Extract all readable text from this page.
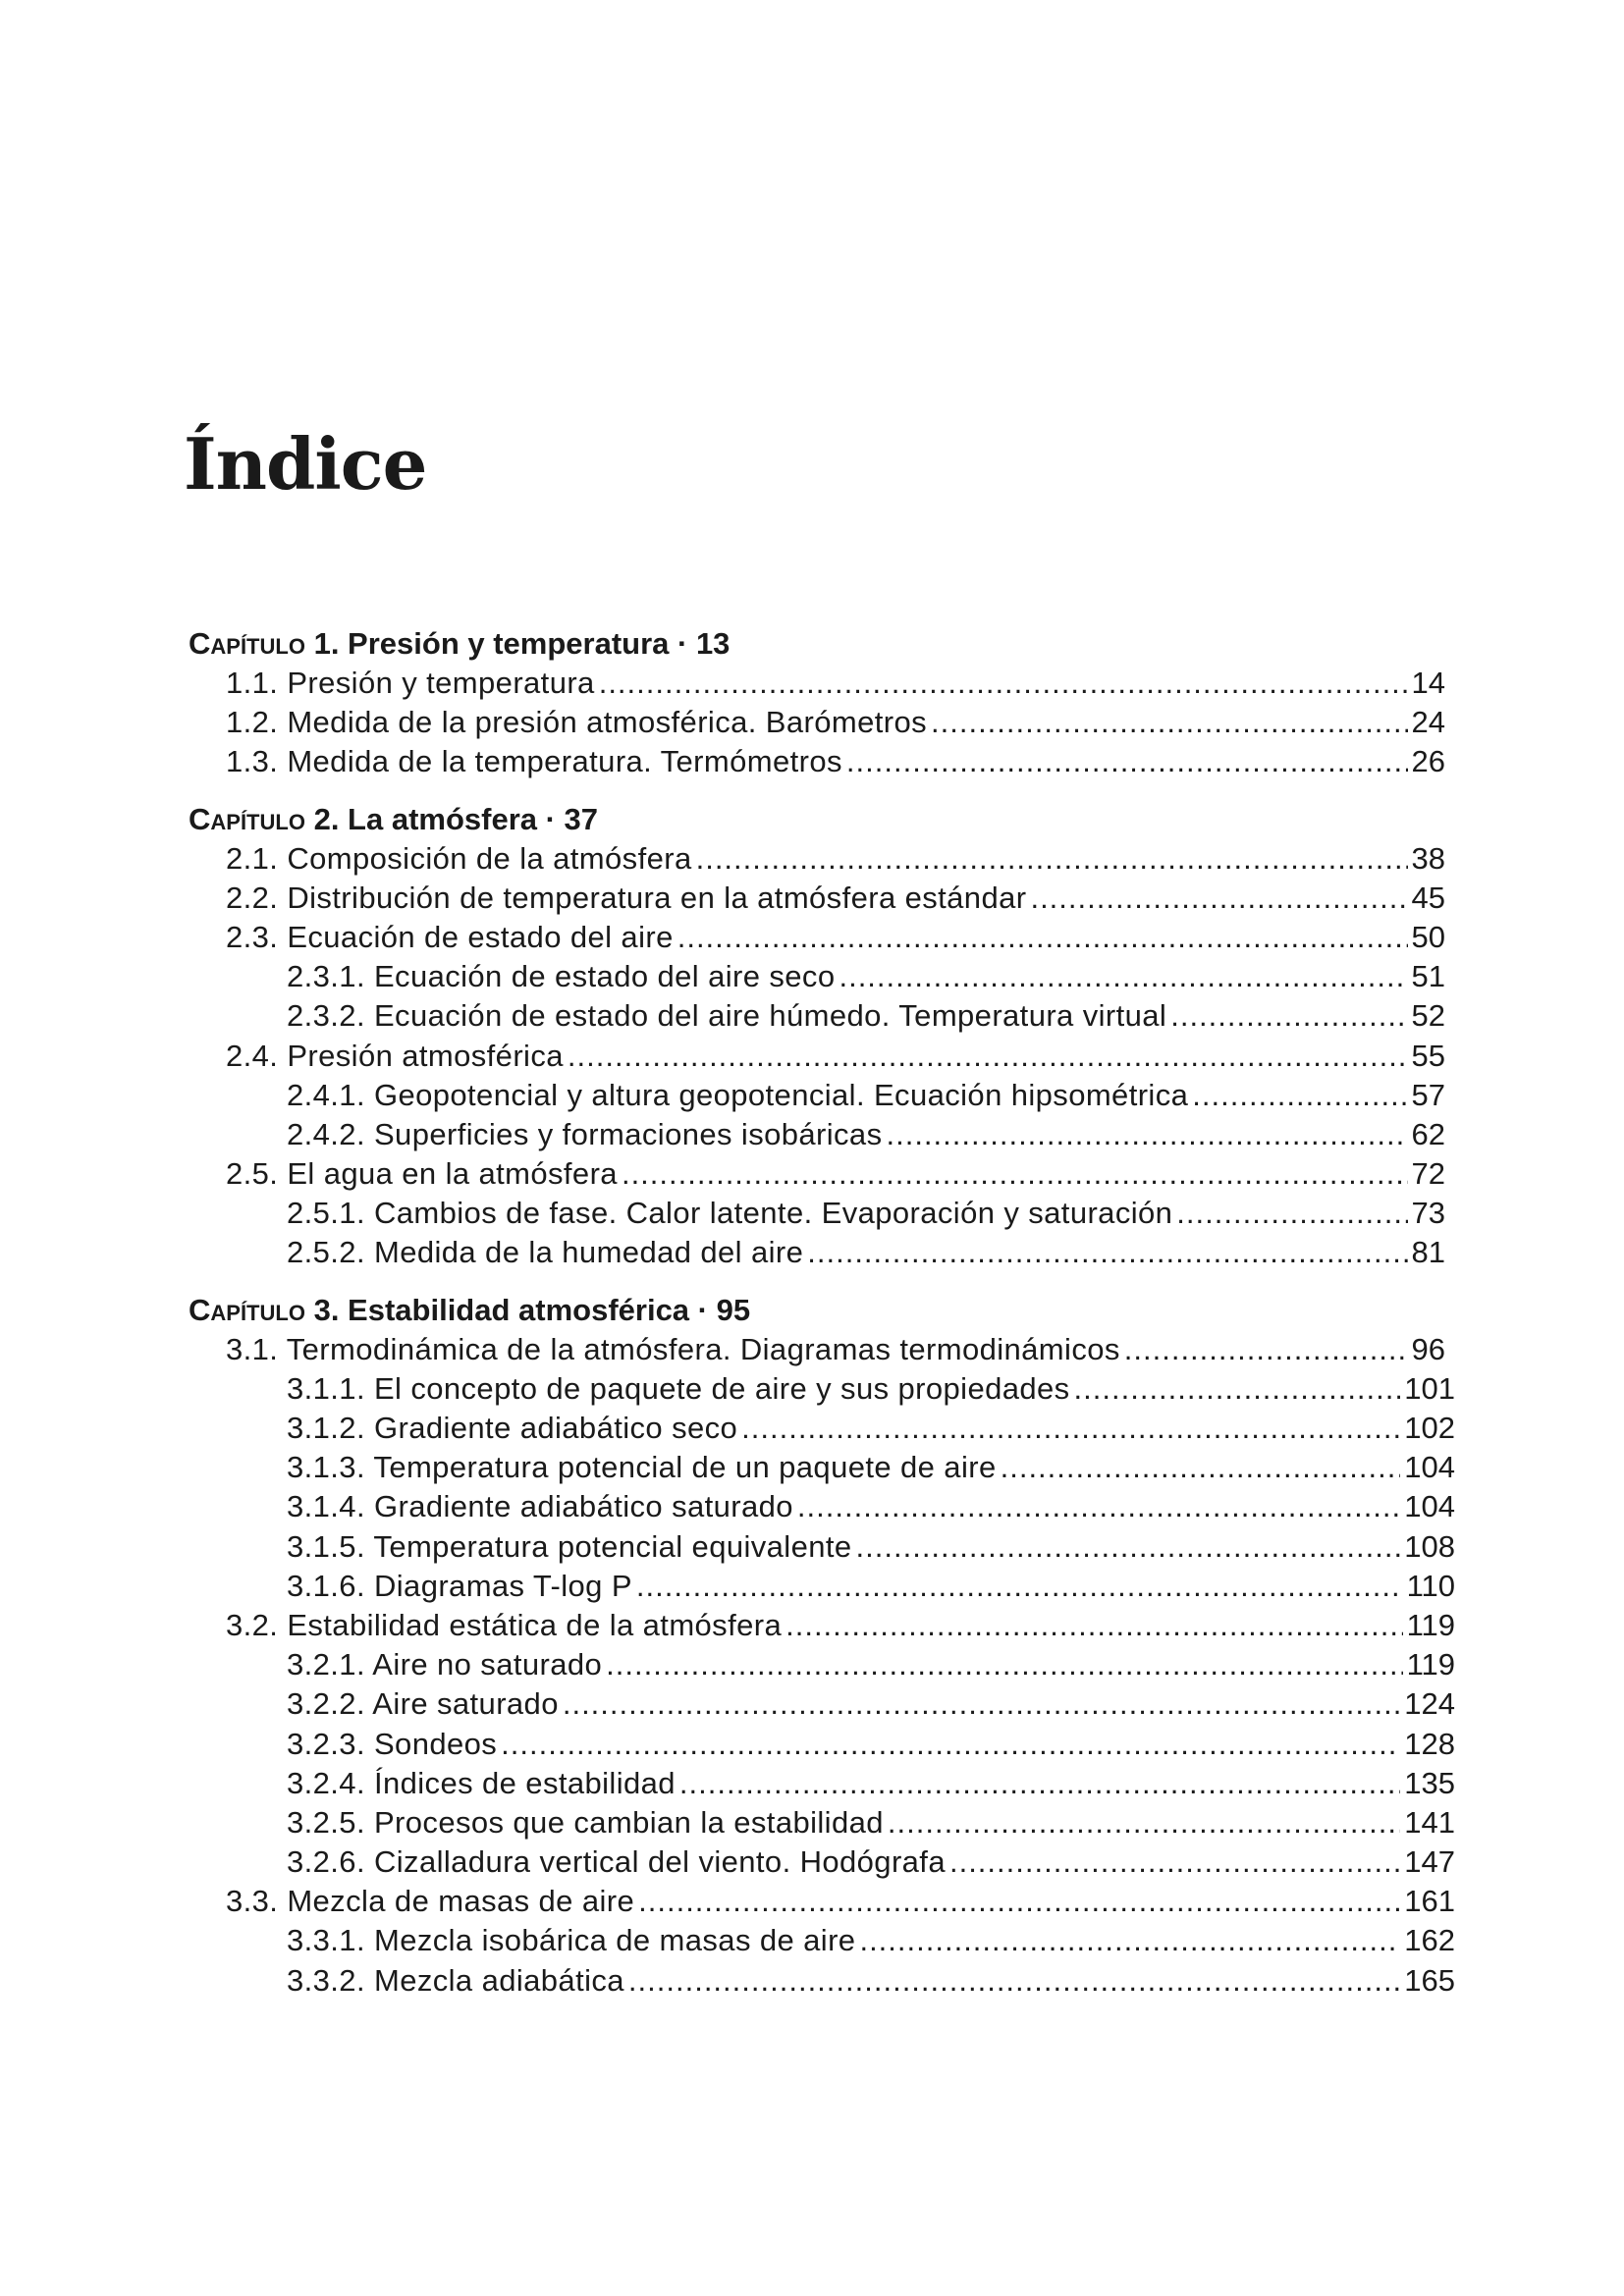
Índice
Capítulo 1. Presión y temperatura · 13
1.1. Presión y temperatura .....	14
1.2. Medida de la presión atmosférica. Barómetros .....	24
1.3. Medida de la temperatura. Termómetros .....	26
Capítulo 2. La atmósfera · 37
2.1. Composición de la atmósfera .....	38
2.2. Distribución de temperatura en la atmósfera estándar .....	45
2.3. Ecuación de estado del aire .....	50
2.3.1. Ecuación de estado del aire seco .....	51
2.3.2. Ecuación de estado del aire húmedo. Temperatura virtual .....	52
2.4. Presión atmosférica .....	55
2.4.1. Geopotencial y altura geopotencial. Ecuación hipsométrica .....	57
2.4.2. Superficies y formaciones isobáricas .....	62
2.5. El agua en la atmósfera .....	72
2.5.1. Cambios de fase. Calor latente. Evaporación y saturación .....	73
2.5.2. Medida de la humedad del aire .....	81
Capítulo 3. Estabilidad atmosférica · 95
3.1. Termodinámica de la atmósfera. Diagramas termodinámicos .....	96
3.1.1. El concepto de paquete de aire y sus propiedades .....	101
3.1.2. Gradiente adiabático seco .....	102
3.1.3. Temperatura potencial de un paquete de aire .....	104
3.1.4. Gradiente adiabático saturado .....	104
3.1.5. Temperatura potencial equivalente .....	108
3.1.6. Diagramas T-log P .....	110
3.2. Estabilidad estática de la atmósfera .....	119
3.2.1. Aire no saturado .....	119
3.2.2. Aire saturado .....	124
3.2.3. Sondeos .....	128
3.2.4. Índices de estabilidad .....	135
3.2.5. Procesos que cambian la estabilidad .....	141
3.2.6. Cizalladura vertical del viento. Hodógrafa .....	147
3.3. Mezcla de masas de aire .....	161
3.3.1. Mezcla isobárica de masas de aire .....	162
3.3.2. Mezcla adiabática .....	165
